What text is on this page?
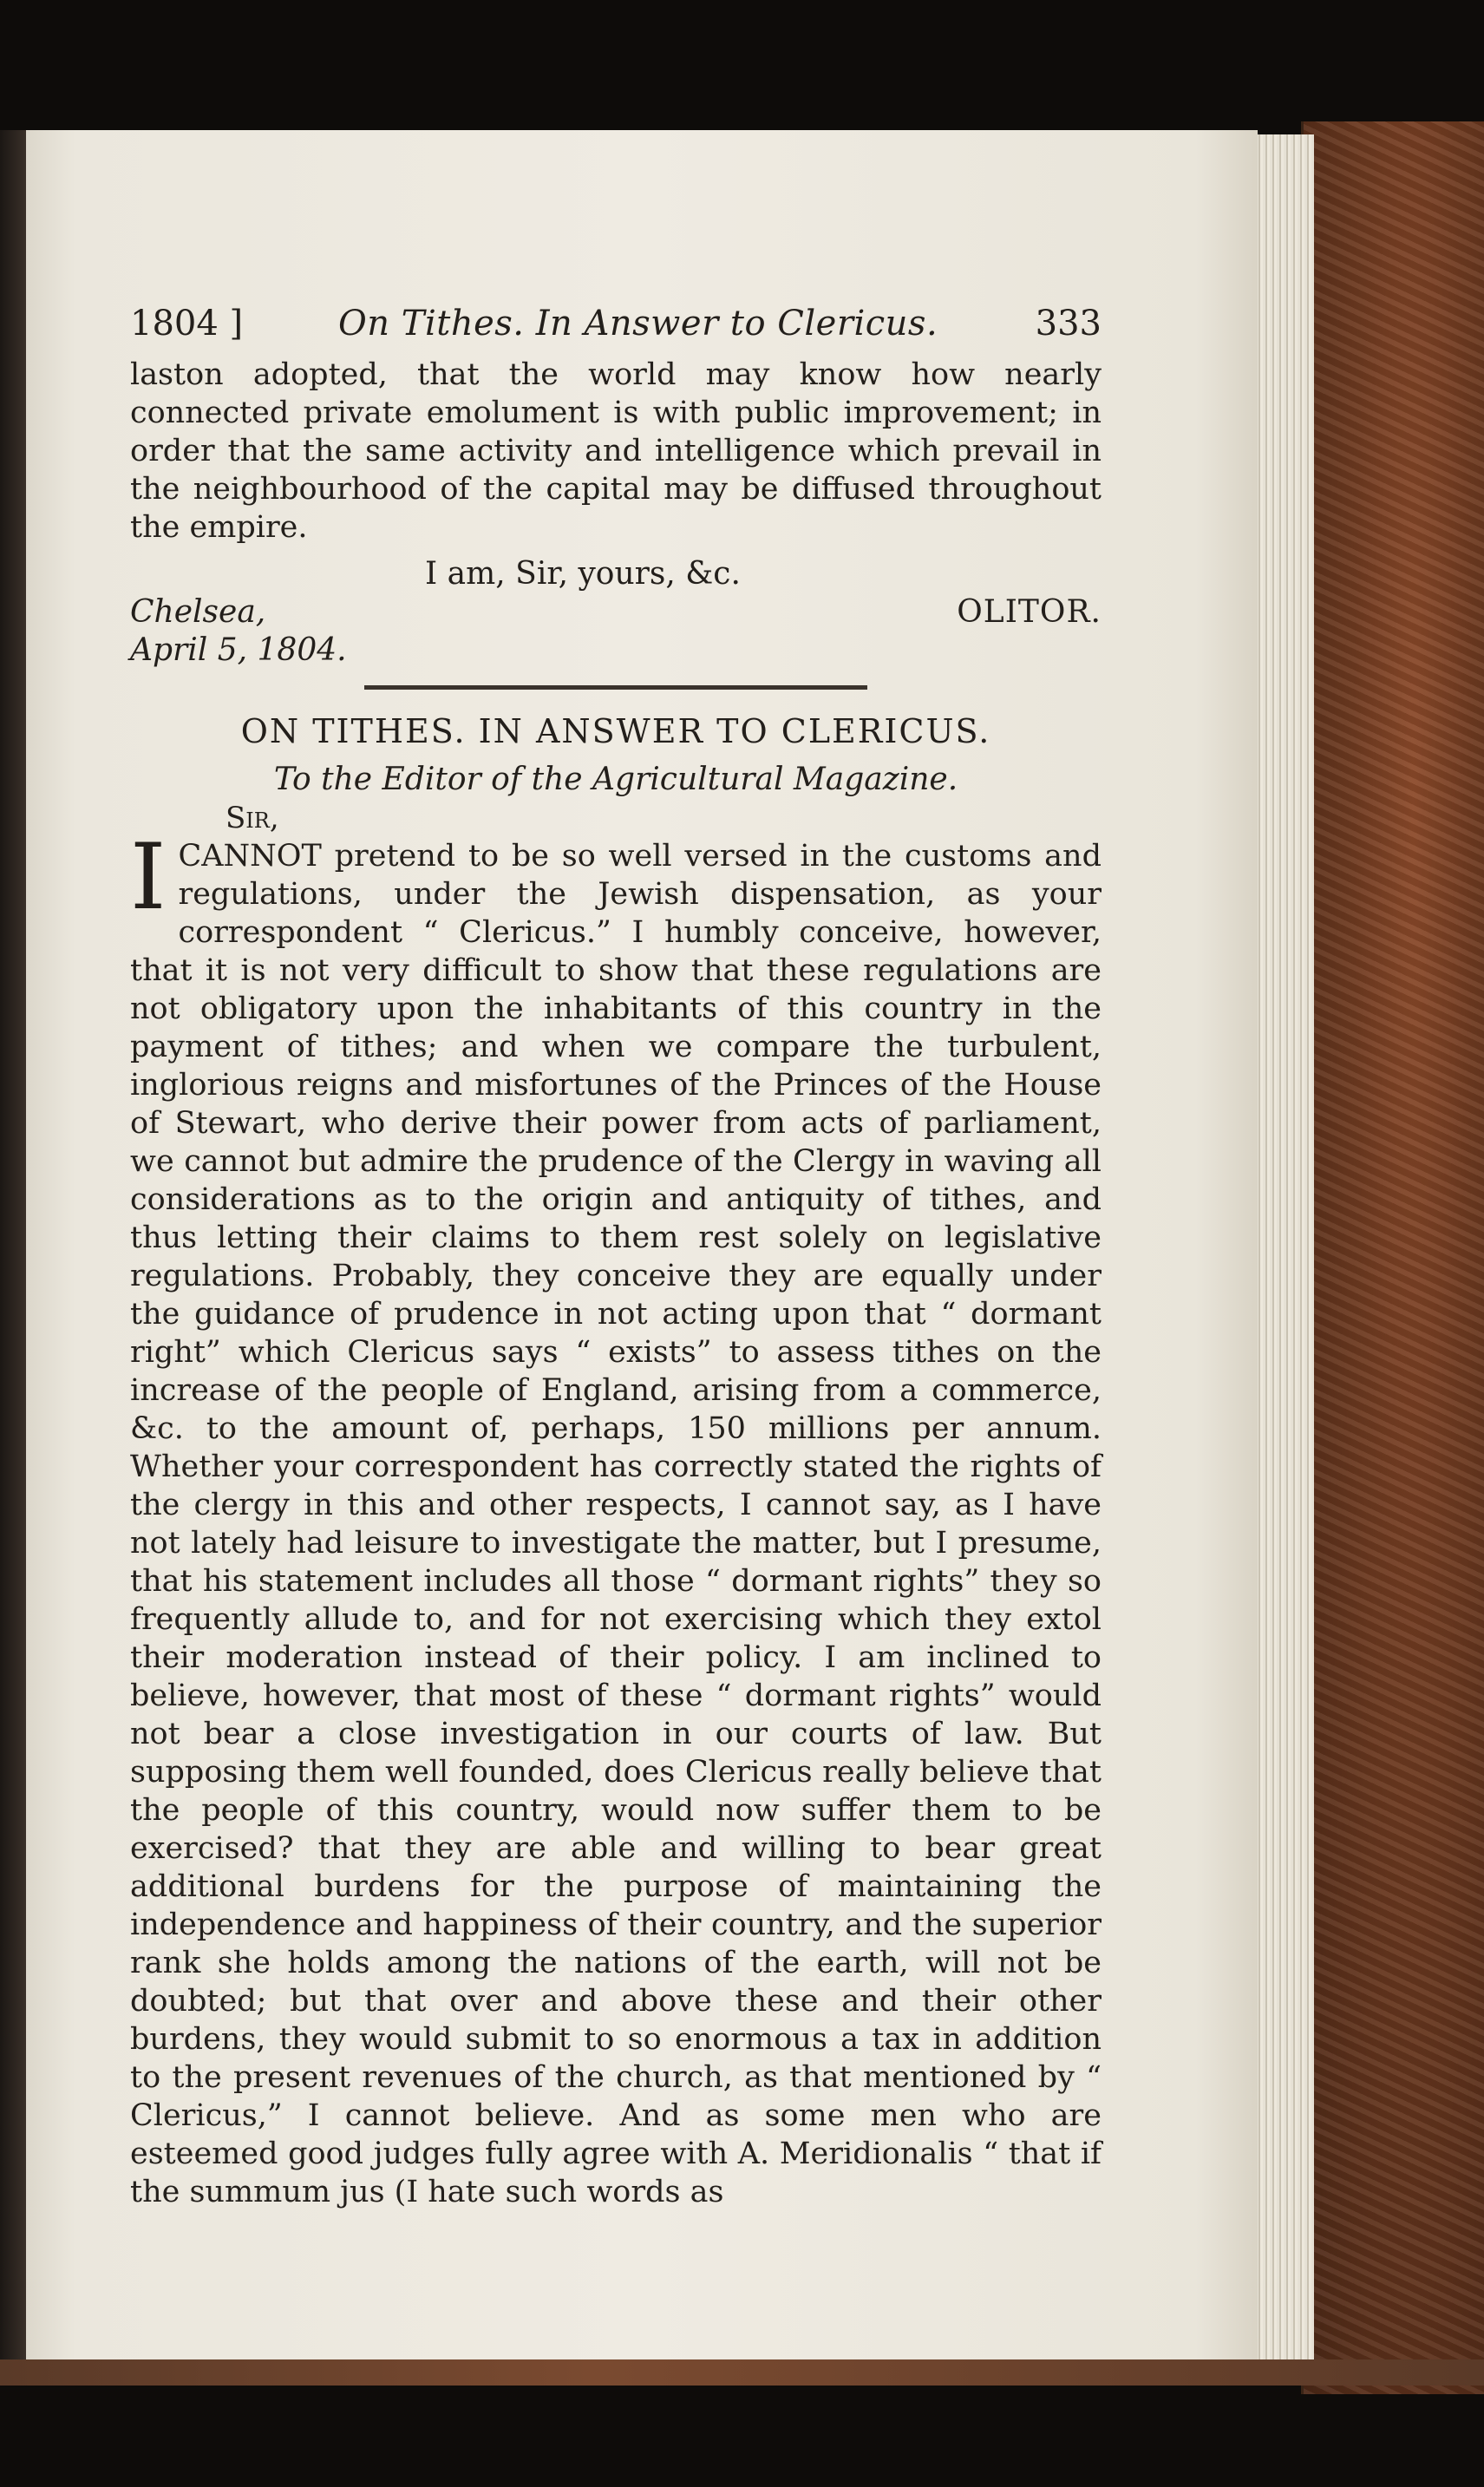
1804 ]	On Tithes. In Answer to Clericus.	333

laston adopted, that the world may know how nearly connected private emolument is with public improvement; in order that the same activity and intelligence which prevail in the neighbourhood of the capital may be diffused throughout the empire.

I am, Sir, yours, &c.
Chelsea,	OLITOR.
April 5, 1804.
ON TITHES. IN ANSWER TO CLERICUS.

To the Editor of the Agricultural Magazine.

Sir,

I CANNOT pretend to be so well versed in the customs and regulations, under the Jewish dispensation, as your correspondent “ Clericus.” I humbly conceive, however, that it is not very difficult to show that these regulations are not obligatory upon the inhabitants of this country in the payment of tithes; and when we compare the turbulent, inglorious reigns and misfortunes of the Princes of the House of Stewart, who derive their power from acts of parliament, we cannot but admire the prudence of the Clergy in waving all considerations as to the origin and antiquity of tithes, and thus letting their claims to them rest solely on legislative regulations. Probably, they conceive they are equally under the guidance of prudence in not acting upon that “ dormant right” which Clericus says “ exists” to assess tithes on the increase of the people of England, arising from a commerce, &c. to the amount of, perhaps, 150 millions per annum. Whether your correspondent has correctly stated the rights of the clergy in this and other respects, I cannot say, as I have not lately had leisure to investigate the matter, but I presume, that his statement includes all those “ dormant rights” they so frequently allude to, and for not exercising which they extol their moderation instead of their policy. I am inclined to believe, however, that most of these “ dormant rights” would not bear a close investigation in our courts of law. But supposing them well founded, does Clericus really believe that the people of this country, would now suffer them to be exercised? that they are able and willing to bear great additional burdens for the purpose of maintaining the independence and happiness of their country, and the superior rank she holds among the nations of the earth, will not be doubted; but that over and above these and their other burdens, they would submit to so enormous a tax in addition to the present revenues of the church, as that mentioned by “ Clericus,” I cannot believe. And as some men who are esteemed good judges fully agree with A. Meridionalis “ that if the summum jus (I hate such words as
